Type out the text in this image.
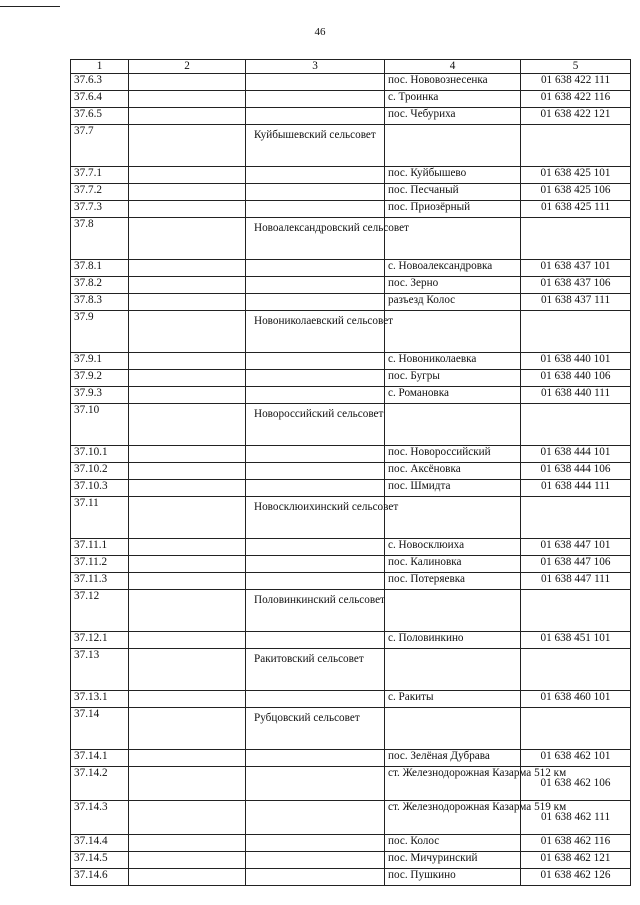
46
1	2	3	4	5
37.6.3			пос. Нововознесенка	01 638 422 111
37.6.4			с. Троинка	01 638 422 116
37.6.5			пос. Чебуриха	01 638 422 121
37.7		Куйбышевский сельсовет		
37.7.1			пос. Куйбышево	01 638 425 101
37.7.2			пос. Песчаный	01 638 425 106
37.7.3			пос. Приозёрный	01 638 425 111
37.8		Новоалександровский сельсовет		
37.8.1			с. Новоалександровка	01 638 437 101
37.8.2			пос. Зерно	01 638 437 106
37.8.3			разъезд Колос	01 638 437 111
37.9		Новониколаевский сельсовет		
37.9.1			с. Новониколаевка	01 638 440 101
37.9.2			пос. Бугры	01 638 440 106
37.9.3			с. Романовка	01 638 440 111
37.10		Новороссийский сельсовет		
37.10.1			пос. Новороссийский	01 638 444 101
37.10.2			пос. Аксёновка	01 638 444 106
37.10.3			пос. Шмидта	01 638 444 111
37.11		Новосклюихинский сельсовет		
37.11.1			с. Новосклюиха	01 638 447 101
37.11.2			пос. Калиновка	01 638 447 106
37.11.3			пос. Потеряевка	01 638 447 111
37.12		Половинкинский сельсовет		
37.12.1			с. Половинкино	01 638 451 101
37.13		Ракитовский сельсовет		
37.13.1			с. Ракиты	01 638 460 101
37.14		Рубцовский сельсовет		
37.14.1			пос. Зелёная Дубрава	01 638 462 101
37.14.2			ст. Железнодорожная Казарма 512 км	01 638 462 106
37.14.3			ст. Железнодорожная Казарма 519 км	01 638 462 111
37.14.4			пос. Колос	01 638 462 116
37.14.5			пос. Мичуринский	01 638 462 121
37.14.6			пос. Пушкино	01 638 462 126
